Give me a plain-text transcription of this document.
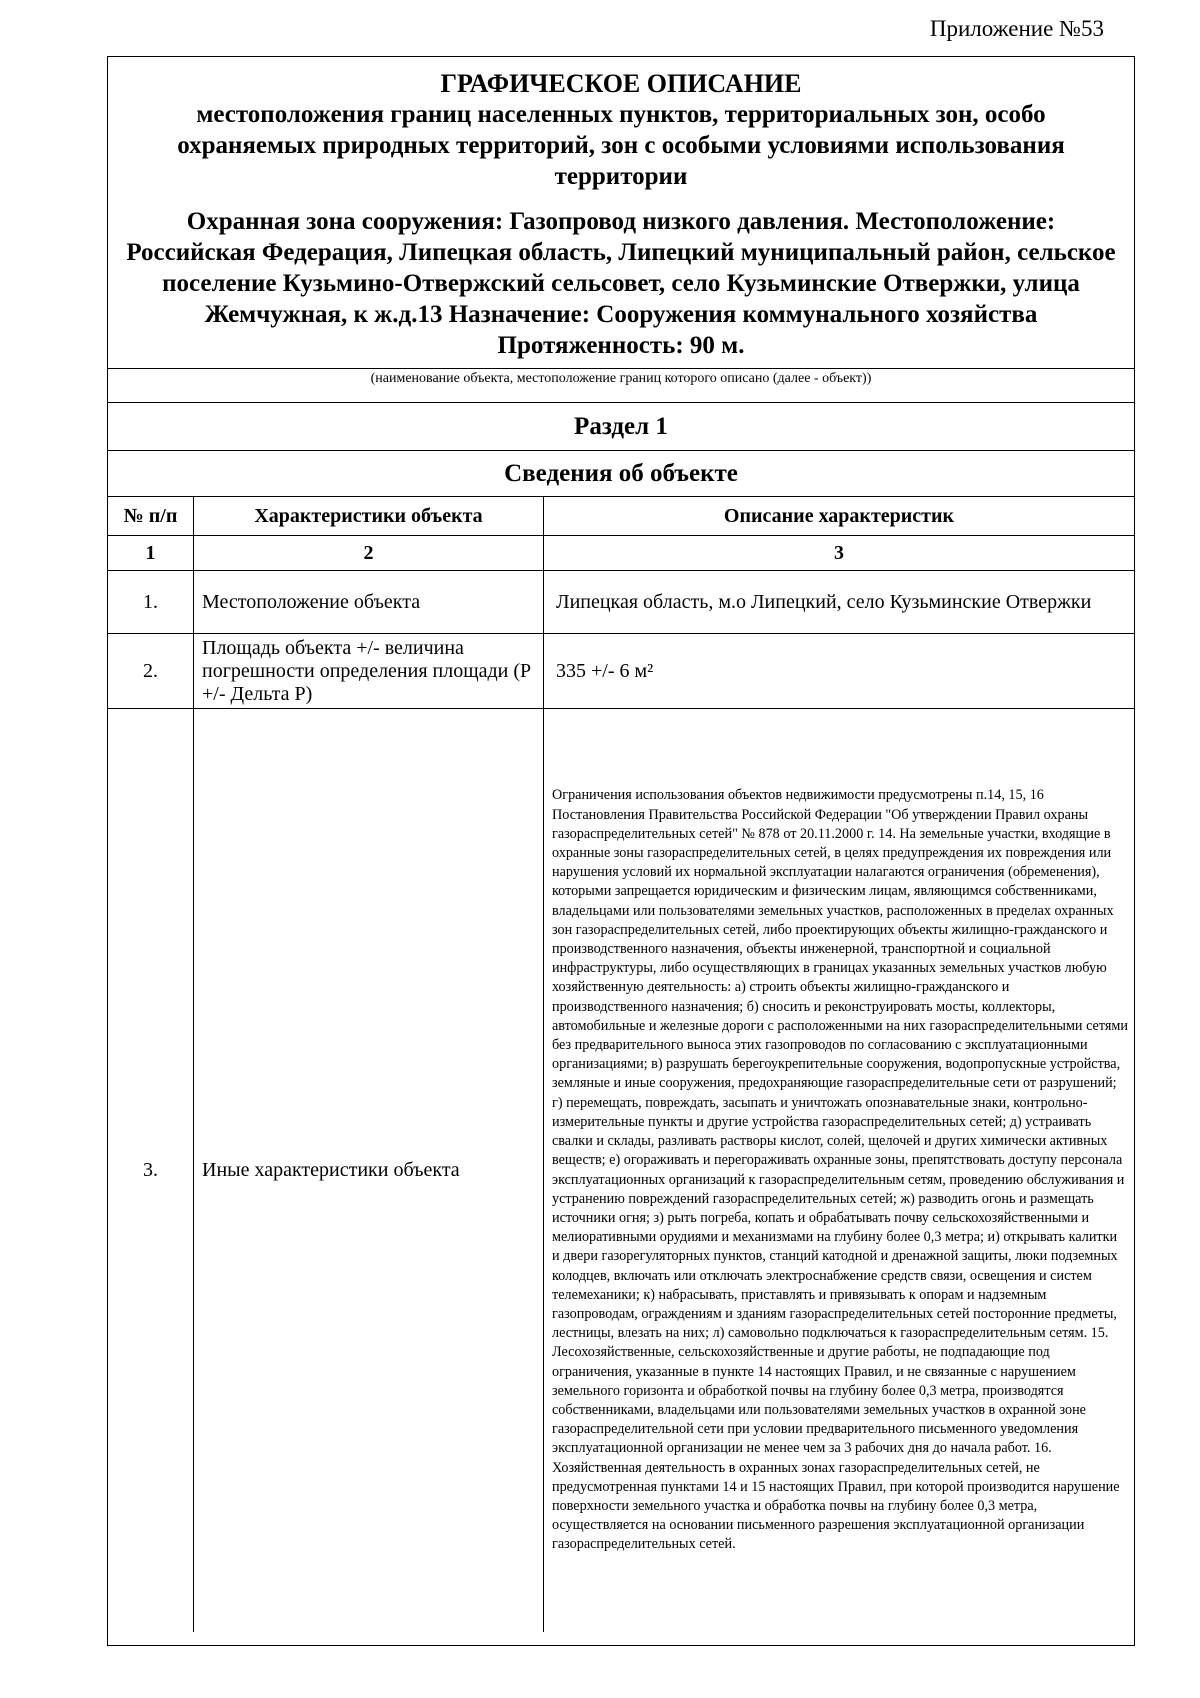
Приложение №53
ГРАФИЧЕСКОЕ ОПИСАНИЕ
местоположения границ населенных пунктов, территориальных зон, особо охраняемых природных территорий, зон с особыми условиями использования территории
Охранная зона сооружения: Газопровод низкого давления. Местоположение: Российская Федерация, Липецкая область, Липецкий муниципальный район, сельское поселение Кузьмино-Отвержский сельсовет, село Кузьминские Отвержки, улица Жемчужная, к ж.д.13 Назначение: Сооружения коммунального хозяйства Протяженность: 90 м.
(наименование объекта, местоположение границ которого описано (далее - объект))
Раздел 1
Сведения об объекте
№ п/п	Характеристики объекта	Описание характеристик
1	2	3
1.	Местоположение объекта	Липецкая область, м.о Липецкий, село Кузьминские Отвержки
2.	Площадь объекта +/- величина погрешности определения площади (Р +/- Дельта Р)	335 +/- 6 м²
3.	Иные характеристики объекта	Ограничения использования объектов недвижимости предусмотрены п.14, 15, 16 Постановления Правительства Российской Федерации "Об утверждении Правил охраны газораспределительных сетей" № 878 от 20.11.2000 г. 14. На земельные участки, входящие в охранные зоны газораспределительных сетей, в целях предупреждения их повреждения или нарушения условий их нормальной эксплуатации налагаются ограничения (обременения), которыми запрещается юридическим и физическим лицам, являющимся собственниками, владельцами или пользователями земельных участков, расположенных в пределах охранных зон газораспределительных сетей, либо проектирующих объекты жилищно-гражданского и производственного назначения, объекты инженерной, транспортной и социальной инфраструктуры, либо осуществляющих в границах указанных земельных участков любую хозяйственную деятельность: а) строить объекты жилищно-гражданского и производственного назначения; б) сносить и реконструировать мосты, коллекторы, автомобильные и железные дороги с расположенными на них газораспределительными сетями без предварительного выноса этих газопроводов по согласованию с эксплуатационными организациями; в) разрушать берегоукрепительные сооружения, водопропускные устройства, земляные и иные сооружения, предохраняющие газораспределительные сети от разрушений; г) перемещать, повреждать, засыпать и уничтожать опознавательные знаки, контрольно-измерительные пункты и другие устройства газораспределительных сетей; д) устраивать свалки и склады, разливать растворы кислот, солей, щелочей и других химически активных веществ; е) огораживать и перегораживать охранные зоны, препятствовать доступу персонала эксплуатационных организаций к газораспределительным сетям, проведению обслуживания и устранению повреждений газораспределительных сетей; ж) разводить огонь и размещать источники огня; з) рыть погреба, копать и обрабатывать почву сельскохозяйственными и мелиоративными орудиями и механизмами на глубину более 0,3 метра; и) открывать калитки и двери газорегуляторных пунктов, станций катодной и дренажной защиты, люки подземных колодцев, включать или отключать электроснабжение средств связи, освещения и систем телемеханики; к) набрасывать, приставлять и привязывать к опорам и надземным газопроводам, ограждениям и зданиям газораспределительных сетей посторонние предметы, лестницы, влезать на них; л) самовольно подключаться к газораспределительным сетям. 15. Лесохозяйственные, сельскохозяйственные и другие работы, не подпадающие под ограничения, указанные в пункте 14 настоящих Правил, и не связанные с нарушением земельного горизонта и обработкой почвы на глубину более 0,3 метра, производятся собственниками, владельцами или пользователями земельных участков в охранной зоне газораспределительной сети при условии предварительного письменного уведомления эксплуатационной организации не менее чем за 3 рабочих дня до начала работ. 16. Хозяйственная деятельность в охранных зонах газораспределительных сетей, не предусмотренная пунктами 14 и 15 настоящих Правил, при которой производится нарушение поверхности земельного участка и обработка почвы на глубину более 0,3 метра, осуществляется на основании письменного разрешения эксплуатационной организации газораспределительных сетей.
